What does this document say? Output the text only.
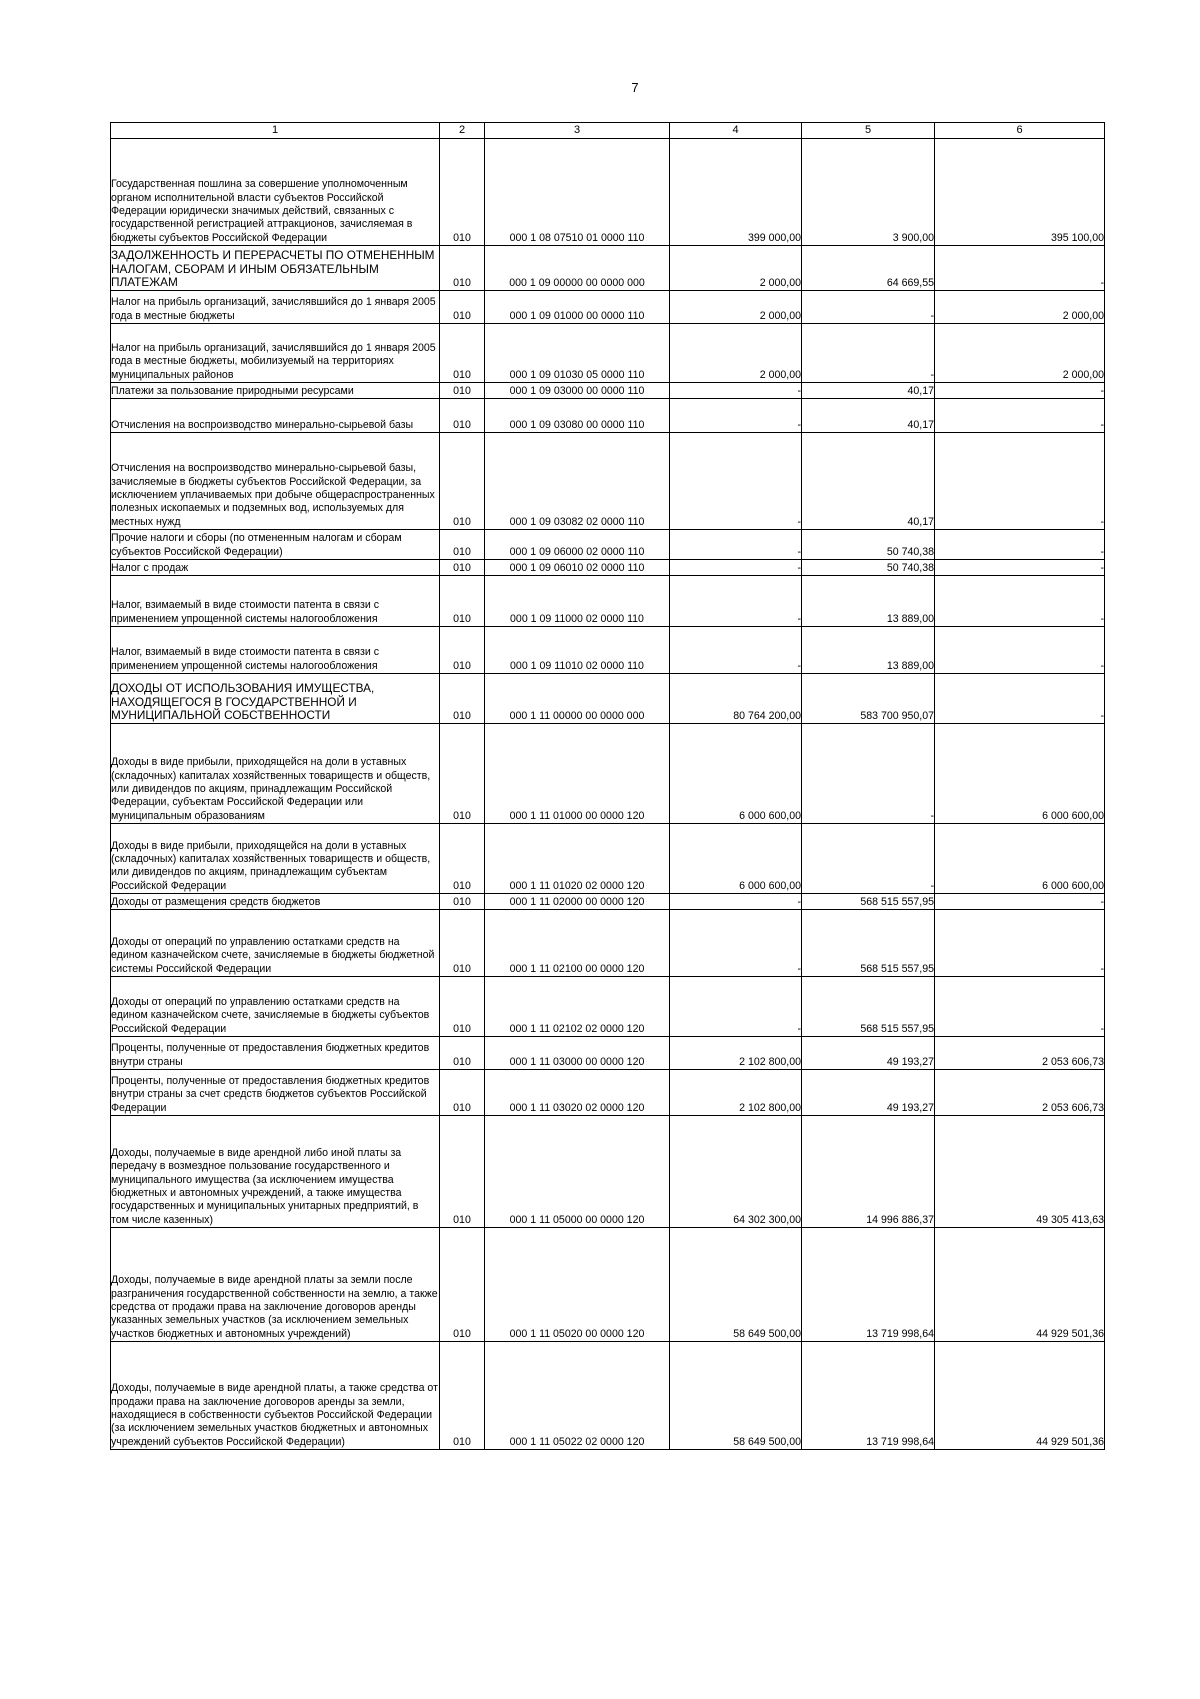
7
1	2	3	4	5	6
Государственная пошлина за совершение уполномоченным органом исполнительной власти субъектов Российской Федерации юридически значимых действий, связанных с государственной регистрацией аттракционов, зачисляемая в бюджеты субъектов Российской Федерации	010	000 1 08 07510 01 0000 110	399 000,00	3 900,00	395 100,00
ЗАДОЛЖЕННОСТЬ И ПЕРЕРАСЧЕТЫ ПО ОТМЕНЕННЫМ НАЛОГАМ, СБОРАМ И ИНЫМ ОБЯЗАТЕЛЬНЫМ ПЛАТЕЖАМ	010	000 1 09 00000 00 0000 000	2 000,00	64 669,55	-
Налог на прибыль организаций, зачислявшийся до 1 января 2005 года в местные бюджеты	010	000 1 09 01000 00 0000 110	2 000,00	-	2 000,00
Налог на прибыль организаций, зачислявшийся до 1 января 2005 года в местные бюджеты, мобилизуемый на территориях муниципальных районов	010	000 1 09 01030 05 0000 110	2 000,00	-	2 000,00
Платежи за пользование природными ресурсами	010	000 1 09 03000 00 0000 110	-	40,17	-
Отчисления на воспроизводство минерально-сырьевой базы	010	000 1 09 03080 00 0000 110	-	40,17	-
Отчисления на воспроизводство минерально-сырьевой базы, зачисляемые в бюджеты субъектов Российской Федерации, за исключением уплачиваемых при добыче общераспространенных полезных ископаемых и подземных вод, используемых для местных нужд	010	000 1 09 03082 02 0000 110	-	40,17	-
Прочие налоги и сборы (по отмененным налогам и сборам субъектов Российской Федерации)	010	000 1 09 06000 02 0000 110	-	50 740,38	-
Налог с продаж	010	000 1 09 06010 02 0000 110	-	50 740,38	-
Налог, взимаемый в виде стоимости патента в связи с применением упрощенной системы налогообложения	010	000 1 09 11000 02 0000 110	-	13 889,00	-
Налог, взимаемый в виде стоимости патента в связи с применением упрощенной системы налогообложения	010	000 1 09 11010 02 0000 110	-	13 889,00	-
ДОХОДЫ ОТ ИСПОЛЬЗОВАНИЯ ИМУЩЕСТВА, НАХОДЯЩЕГОСЯ В ГОСУДАРСТВЕННОЙ И МУНИЦИПАЛЬНОЙ СОБСТВЕННОСТИ	010	000 1 11 00000 00 0000 000	80 764 200,00	583 700 950,07	-
Доходы в виде прибыли, приходящейся на доли в уставных (складочных) капиталах хозяйственных товариществ и обществ, или дивидендов по акциям, принадлежащим Российской Федерации, субъектам Российской Федерации или муниципальным образованиям	010	000 1 11 01000 00 0000 120	6 000 600,00	-	6 000 600,00
Доходы в виде прибыли, приходящейся на доли в уставных (складочных) капиталах хозяйственных товариществ и обществ, или дивидендов по акциям, принадлежащим субъектам Российской Федерации	010	000 1 11 01020 02 0000 120	6 000 600,00	-	6 000 600,00
Доходы от размещения средств бюджетов	010	000 1 11 02000 00 0000 120	-	568 515 557,95	-
Доходы от операций по управлению остатками средств на едином казначейском счете, зачисляемые в бюджеты бюджетной системы Российской Федерации	010	000 1 11 02100 00 0000 120	-	568 515 557,95	-
Доходы от операций по управлению остатками средств на едином казначейском счете, зачисляемые в бюджеты субъектов Российской Федерации	010	000 1 11 02102 02 0000 120	-	568 515 557,95	-
Проценты, полученные от предоставления бюджетных кредитов внутри страны	010	000 1 11 03000 00 0000 120	2 102 800,00	49 193,27	2 053 606,73
Проценты, полученные от предоставления бюджетных кредитов внутри страны за счет средств бюджетов субъектов Российской Федерации	010	000 1 11 03020 02 0000 120	2 102 800,00	49 193,27	2 053 606,73
Доходы, получаемые в виде арендной либо иной платы за передачу в возмездное пользование государственного и муниципального имущества (за исключением имущества бюджетных и автономных учреждений, а также имущества государственных и муниципальных унитарных предприятий, в том числе казенных)	010	000 1 11 05000 00 0000 120	64 302 300,00	14 996 886,37	49 305 413,63
Доходы, получаемые в виде арендной платы за земли после разграничения государственной собственности на землю, а также средства от продажи права на заключение договоров аренды указанных земельных участков (за исключением земельных участков бюджетных и автономных учреждений)	010	000 1 11 05020 00 0000 120	58 649 500,00	13 719 998,64	44 929 501,36
Доходы, получаемые в виде арендной платы, а также средства от продажи права на заключение договоров аренды за земли, находящиеся в собственности субъектов Российской Федерации (за исключением земельных участков бюджетных и автономных учреждений субъектов Российской Федерации)	010	000 1 11 05022 02 0000 120	58 649 500,00	13 719 998,64	44 929 501,36
